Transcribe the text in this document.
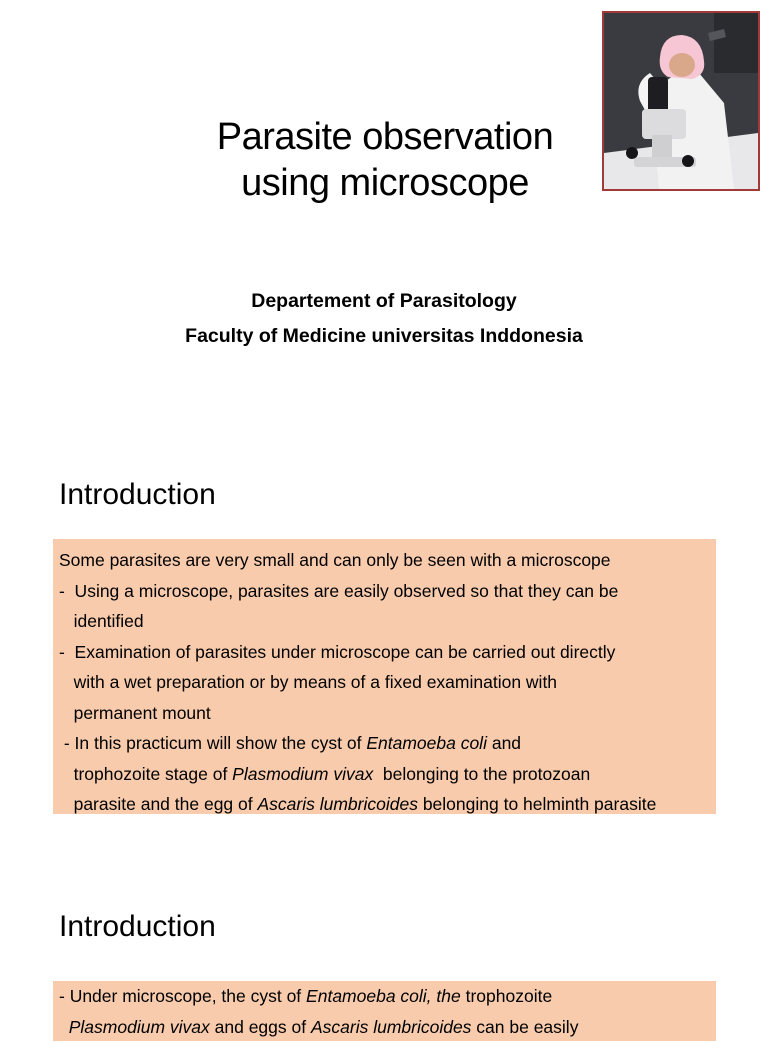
Parasite observation
using microscope
Departement of Parasitology
Faculty of Medicine universitas Inddonesia
Introduction
Some parasites are very small and can only be seen with a microscope
-  Using a microscope, parasites are easily observed so that they can be
identified
-  Examination of parasites under microscope can be carried out directly
with a wet preparation or by means of a fixed examination with
permanent mount
- In this practicum will show the cyst of Entamoeba coli and
trophozoite stage of Plasmodium vivax  belonging to the protozoan
parasite and the egg of Ascaris lumbricoides belonging to helminth parasite
Introduction
- Under microscope, the cyst of Entamoeba coli, the trophozoite
Plasmodium vivax and eggs of Ascaris lumbricoides can be easily
